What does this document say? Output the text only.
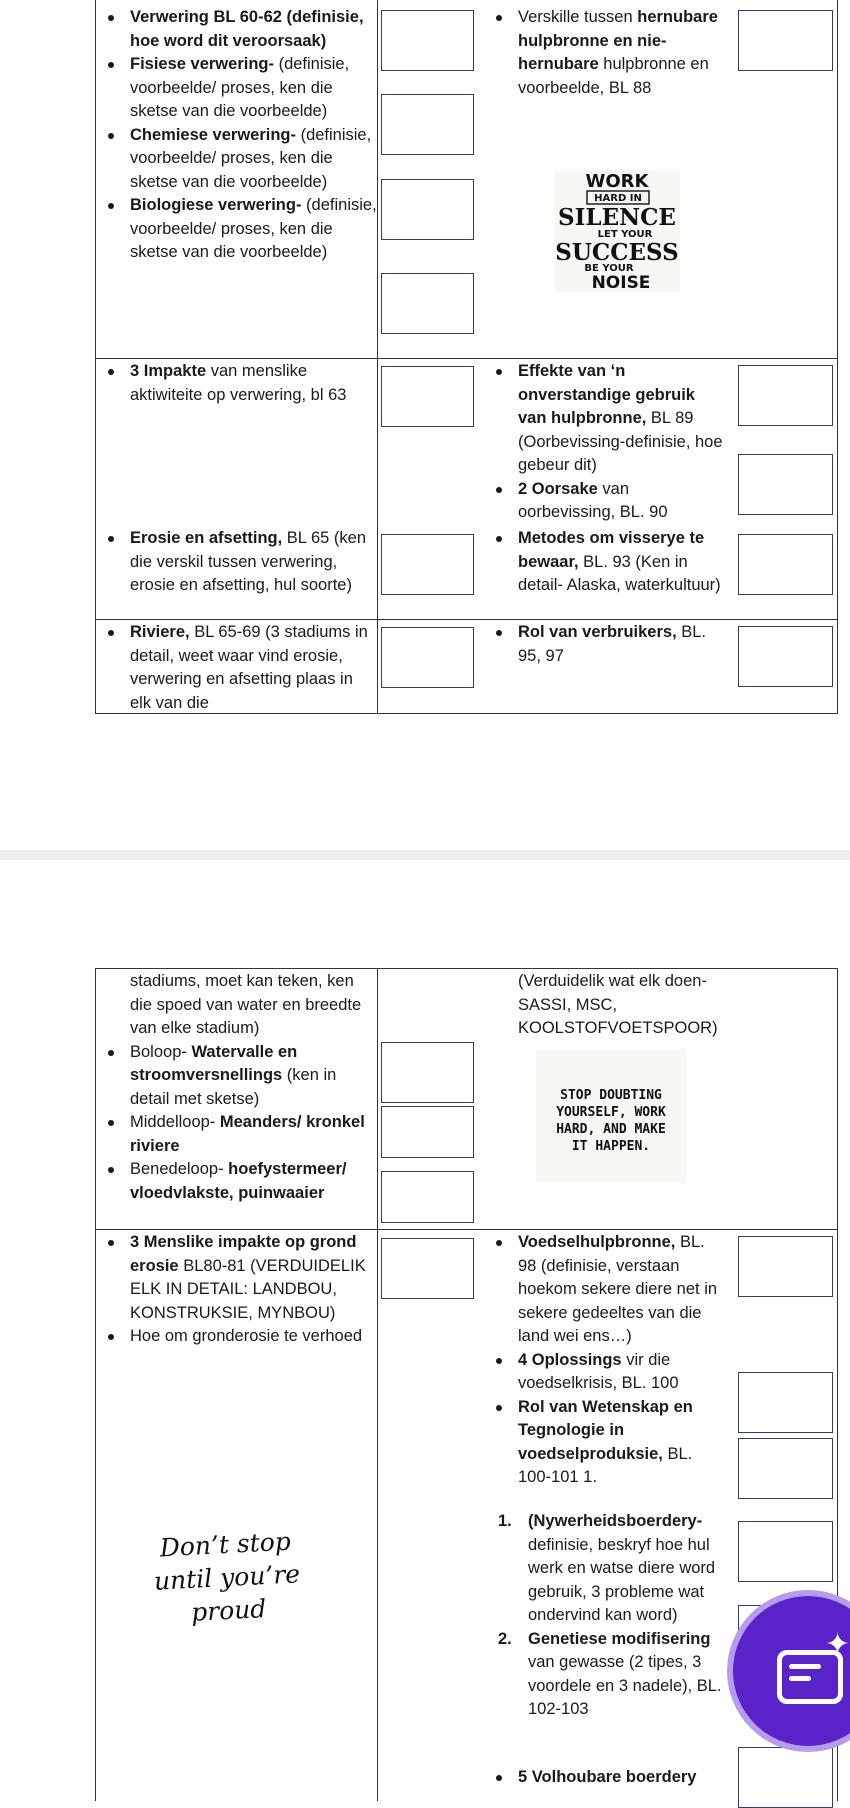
Verwering BL 60-62 (definisie, hoe word dit veroorsaak)
Fisiese verwering- (definisie, voorbeelde/ proses, ken die sketse van die voorbeelde)
Chemiese verwering- (definisie, voorbeelde/ proses, ken die sketse van die voorbeelde)
Biologiese verwering- (definisie, voorbeelde/ proses, ken die sketse van die voorbeelde)
3 Impakte van menslike aktiwiteite op verwering, bl 63
Erosie en afsetting, BL 65 (ken die verskil tussen verwering, erosie en afsetting, hul soorte)
Riviere, BL 65-69 (3 stadiums in detail, weet waar vind erosie, verwering en afsetting plaas in elk van die
Verskille tussen hernubare hulpbronne en nie-hernubare hulpbronne en voorbeelde, BL 88
Effekte van ‘n onverstandige gebruik van hulpbronne, BL 89 (Oorbevissing-definisie, hoe gebeur dit)
2 Oorsake van oorbevissing, BL. 90
Metodes om visserye te bewaar, BL. 93 (Ken in detail- Alaska, waterkultuur)
Rol van verbruikers, BL. 95, 97
WORK
HARD IN
SILENCE
LET YOUR
SUCCESS
BE YOUR
NOISE
stadiums, moet kan teken, ken die spoed van water en breedte van elke stadium)
Boloop- Watervalle en stroomversnellings (ken in detail met sketse)
Middelloop- Meanders/ kronkel riviere
Benedeloop- hoefystermeer/ vloedvlakste, puinwaaier
3 Menslike impakte op grond erosie BL80-81 (VERDUIDELIK ELK IN DETAIL: LANDBOU, KONSTRUKSIE, MYNBOU)
Hoe om gronderosie te verhoed
(Verduidelik wat elk doen- SASSI, MSC, KOOLSTOFVOETSPOOR)
Voedselhulpbronne, BL. 98 (definisie, verstaan hoekom sekere diere net in sekere gedeeltes van die land wei ens…)
4 Oplossings vir die voedselkrisis, BL. 100
Rol van Wetenskap en Tegnologie in voedselproduksie, BL. 100-101 1.
1. (Nywerheidsboerdery- definisie, beskryf hoe hul werk en watse diere word gebruik, 3 probleme wat ondervind kan word)
2. Genetiese modifisering van gewasse (2 tipes, 3 voordele en 3 nadele), BL. 102-103
5 Volhoubare boerdery
STOP DOUBTING YOURSELF, WORK HARD, AND MAKE IT HAPPEN.
Don’t stop until you’re proud
✦
